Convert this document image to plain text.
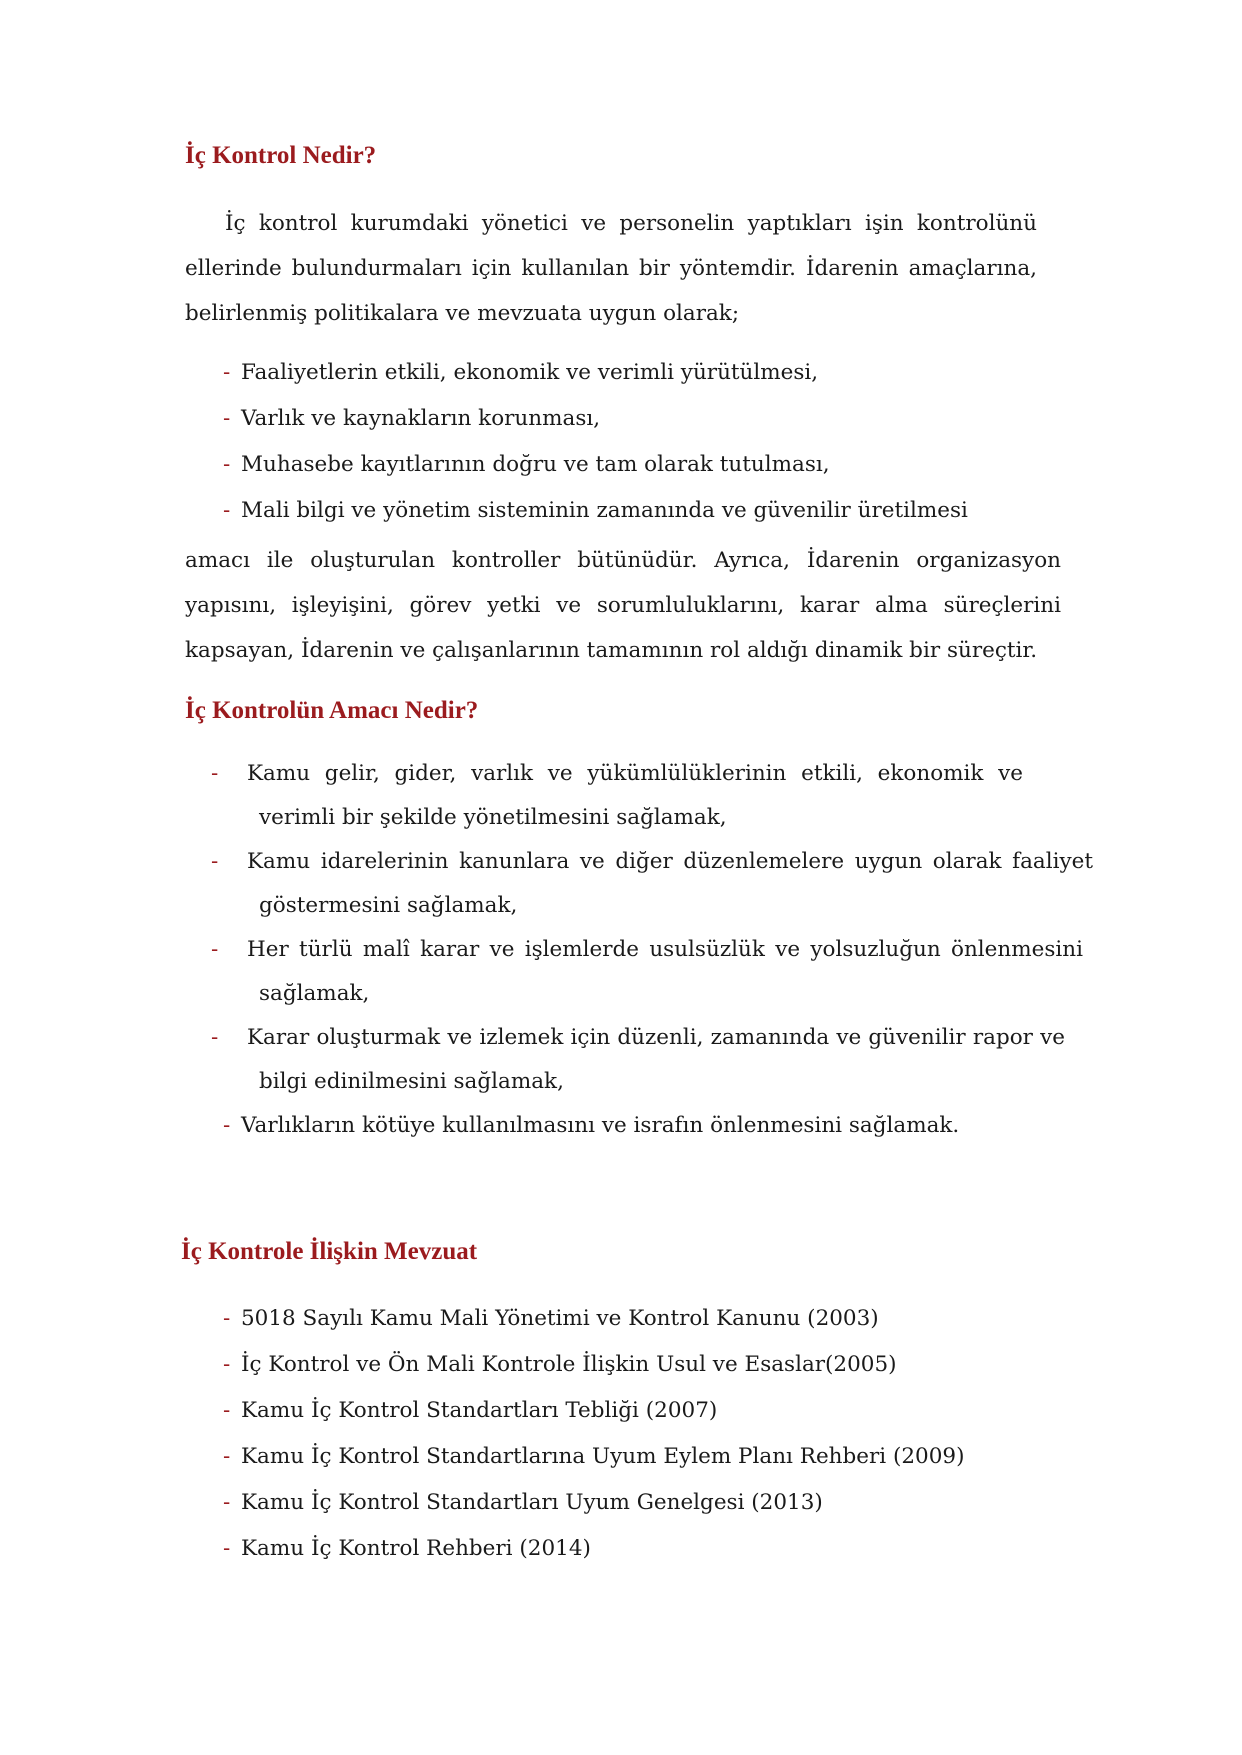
İç Kontrol Nedir?

İç kontrol kurumdaki yönetici ve personelin yaptıkları işin kontrolünü ellerinde bulundurmaları için kullanılan bir yöntemdir. İdarenin amaçlarına, belirlenmiş politikalara ve mevzuata uygun olarak;

- Faaliyetlerin etkili, ekonomik ve verimli yürütülmesi,
- Varlık ve kaynakların korunması,
- Muhasebe kayıtlarının doğru ve tam olarak tutulması,
- Mali bilgi ve yönetim sisteminin zamanında ve güvenilir üretilmesi

amacı ile oluşturulan kontroller bütünüdür. Ayrıca, İdarenin organizasyon yapısını, işleyişini, görev yetki ve sorumluluklarını, karar alma süreçlerini kapsayan, İdarenin ve çalışanlarının tamamının rol aldığı dinamik bir süreçtir.

İç Kontrolün Amacı Nedir?
- Kamu gelir, gider, varlık ve yükümlülüklerinin etkili, ekonomik ve verimli bir şekilde yönetilmesini sağlamak,
- Kamu idarelerinin kanunlara ve diğer düzenlemelere uygun olarak faaliyet göstermesini sağlamak,
- Her türlü malî karar ve işlemlerde usulsüzlük ve yolsuzluğun önlenmesini sağlamak,
- Karar oluşturmak ve izlemek için düzenli, zamanında ve güvenilir rapor ve bilgi edinilmesini sağlamak,
- Varlıkların kötüye kullanılmasını ve israfın önlenmesini sağlamak.
İç Kontrole İlişkin Mevzuat
- 5018 Sayılı Kamu Mali Yönetimi ve Kontrol Kanunu (2003)
- İç Kontrol ve Ön Mali Kontrole İlişkin Usul ve Esaslar(2005)
- Kamu İç Kontrol Standartları Tebliği (2007)
- Kamu İç Kontrol Standartlarına Uyum Eylem Planı Rehberi (2009)
- Kamu İç Kontrol Standartları Uyum Genelgesi (2013)
- Kamu İç Kontrol Rehberi (2014)
